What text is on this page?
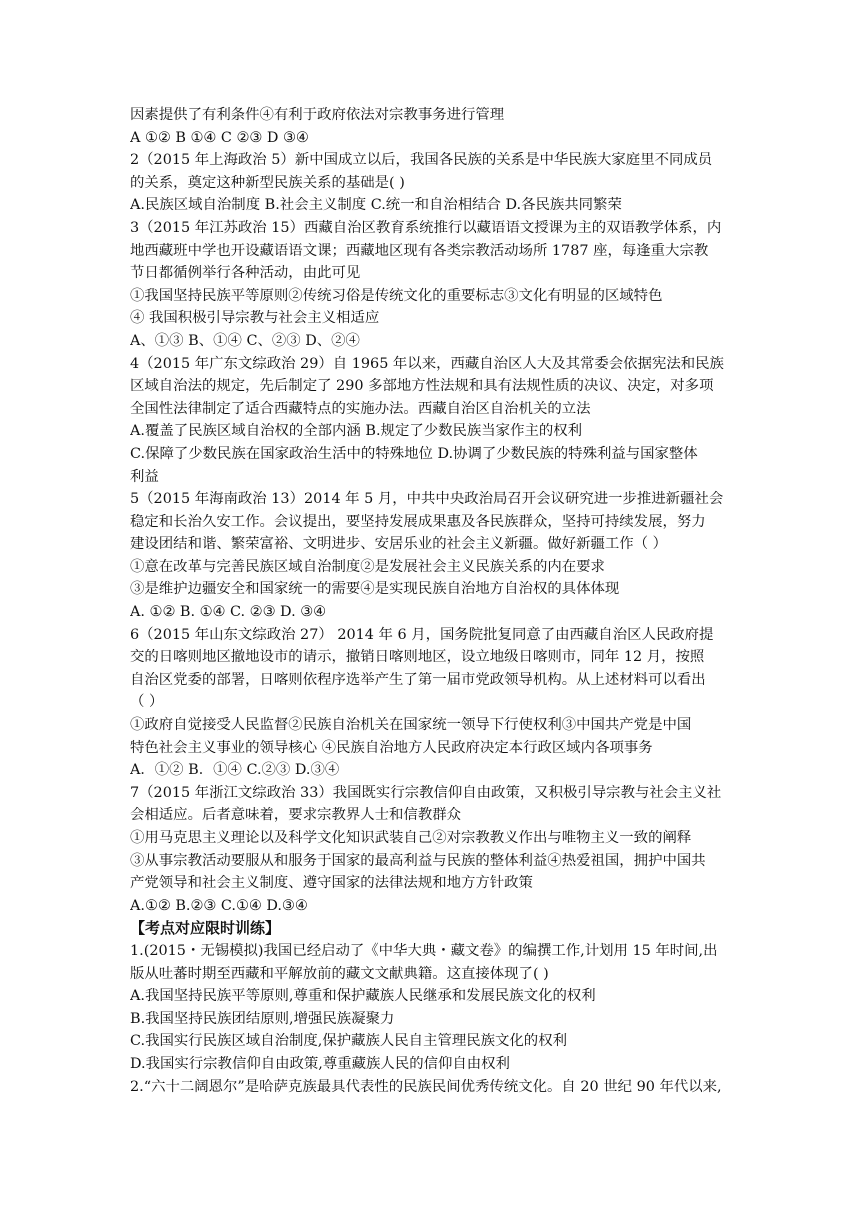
因素提供了有利条件④有利于政府依法对宗教事务进行管理
A ①② B ①④ C ②③ D ③④
2（2015 年上海政治 5）新中国成立以后，我国各民族的关系是中华民族大家庭里不同成员
的关系，奠定这种新型民族关系的基础是( )
A.民族区域自治制度 B.社会主义制度 C.统一和自治相结合 D.各民族共同繁荣
3（2015 年江苏政治 15）西藏自治区教育系统推行以藏语语文授课为主的双语教学体系，内
地西藏班中学也开设藏语语文课；西藏地区现有各类宗教活动场所 1787 座，每逢重大宗教
节日都循例举行各种活动，由此可见
①我国坚持民族平等原则②传统习俗是传统文化的重要标志③文化有明显的区域特色
④ 我国积极引导宗教与社会主义相适应
A、①③ B、①④ C、②③ D、②④
4（2015 年广东文综政治 29）自 1965 年以来，西藏自治区人大及其常委会依据宪法和民族
区域自治法的规定，先后制定了 290 多部地方性法规和具有法规性质的决议、决定，对多项
全国性法律制定了适合西藏特点的实施办法。西藏自治区自治机关的立法
A.覆盖了民族区域自治权的全部内涵 B.规定了少数民族当家作主的权利
C.保障了少数民族在国家政治生活中的特殊地位 D.协调了少数民族的特殊利益与国家整体
利益
5（2015 年海南政治 13）2014 年 5 月，中共中央政治局召开会议研究进一步推进新疆社会
稳定和长治久安工作。会议提出，要坚持发展成果惠及各民族群众，坚持可持续发展，努力
建设团结和谐、繁荣富裕、文明进步、安居乐业的社会主义新疆。做好新疆工作（ ）
①意在改革与完善民族区域自治制度②是发展社会主义民族关系的内在要求
③是维护边疆安全和国家统一的需要④是实现民族自治地方自治权的具体体现
A. ①② B. ①④ C. ②③ D. ③④
6（2015 年山东文综政治 27） 2014 年 6 月，国务院批复同意了由西藏自治区人民政府提
交的日喀则地区撤地设市的请示，撤销日喀则地区，设立地级日喀则市，同年 12 月，按照
自治区党委的部署，日喀则依程序选举产生了第一届市党政领导机构。从上述材料可以看出
（ ）
①政府自觉接受人民监督②民族自治机关在国家统一领导下行使权利③中国共产党是中国
特色社会主义事业的领导核心 ④民族自治地方人民政府决定本行政区域内各项事务
A．①② B．①④ C.②③ D.③④
7（2015 年浙江文综政治 33）我国既实行宗教信仰自由政策，又积极引导宗教与社会主义社
会相适应。后者意味着，要求宗教界人士和信教群众
①用马克思主义理论以及科学文化知识武装自己②对宗教教义作出与唯物主义一致的阐释
③从事宗教活动要服从和服务于国家的最高利益与民族的整体利益④热爱祖国，拥护中国共
产党领导和社会主义制度、遵守国家的法律法规和地方方针政策
A.①② B.②③ C.①④ D.③④
【考点对应限时训练】
1.(2015・无锡模拟)我国已经启动了《中华大典・藏文卷》的编撰工作,计划用 15 年时间,出
版从吐蕃时期至西藏和平解放前的藏文文献典籍。这直接体现了( )
A.我国坚持民族平等原则,尊重和保护藏族人民继承和发展民族文化的权利
B.我国坚持民族团结原则,增强民族凝聚力
C.我国实行民族区域自治制度,保护藏族人民自主管理民族文化的权利
D.我国实行宗教信仰自由政策,尊重藏族人民的信仰自由权利
2.“六十二阔恩尔”是哈萨克族最具代表性的民族民间优秀传统文化。自 20 世纪 90 年代以来,
